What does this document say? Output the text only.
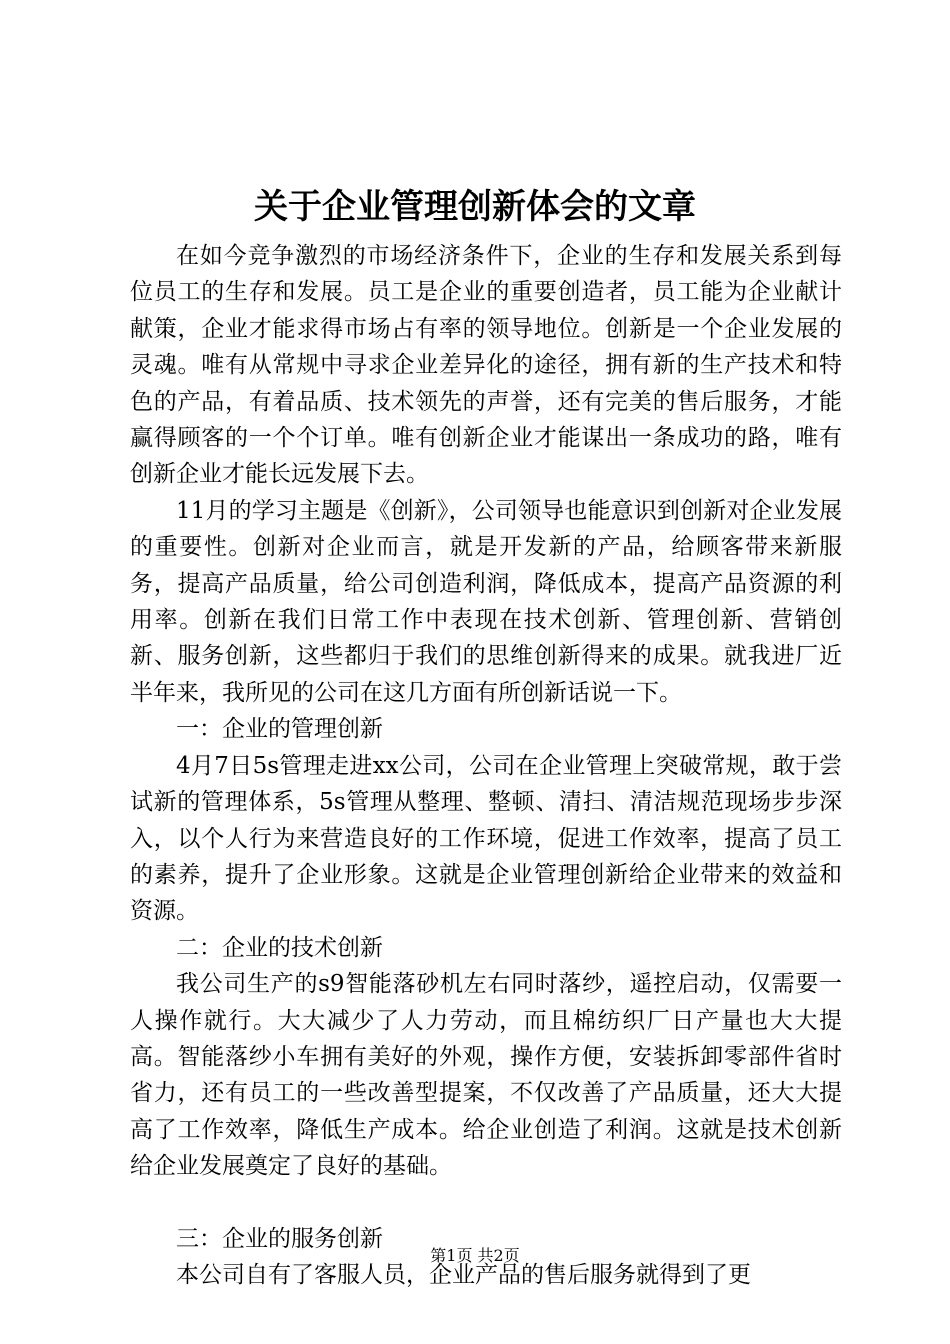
关于企业管理创新体会的文章

在如今竞争激烈的市场经济条件下，企业的生存和发展关系到每位员工的生存和发展。员工是企业的重要创造者，员工能为企业献计献策，企业才能求得市场占有率的领导地位。创新是一个企业发展的灵魂。唯有从常规中寻求企业差异化的途径，拥有新的生产技术和特色的产品，有着品质、技术领先的声誉，还有完美的售后服务，才能赢得顾客的一个个订单。唯有创新企业才能谋出一条成功的路，唯有创新企业才能长远发展下去。

11月的学习主题是《创新》，公司领导也能意识到创新对企业发展的重要性。创新对企业而言，就是开发新的产品，给顾客带来新服务，提高产品质量，给公司创造利润，降低成本，提高产品资源的利用率。创新在我们日常工作中表现在技术创新、管理创新、营销创新、服务创新，这些都归于我们的思维创新得来的成果。就我进厂近半年来，我所见的公司在这几方面有所创新话说一下。

一：企业的管理创新

4月7日5s管理走进xx公司，公司在企业管理上突破常规，敢于尝试新的管理体系，5s管理从整理、整顿、清扫、清洁规范现场步步深入，以个人行为来营造良好的工作环境，促进工作效率，提高了员工的素养，提升了企业形象。这就是企业管理创新给企业带来的效益和资源。

二：企业的技术创新

我公司生产的s9智能落砂机左右同时落纱，遥控启动，仅需要一人操作就行。大大减少了人力劳动，而且棉纺织厂日产量也大大提高。智能落纱小车拥有美好的外观，操作方便，安装拆卸零部件省时省力，还有员工的一些改善型提案，不仅改善了产品质量，还大大提高了工作效率，降低生产成本。给企业创造了利润。这就是技术创新给企业发展奠定了良好的基础。

三：企业的服务创新

本公司自有了客服人员，企业产品的售后服务就得到了更

第1页 共2页
